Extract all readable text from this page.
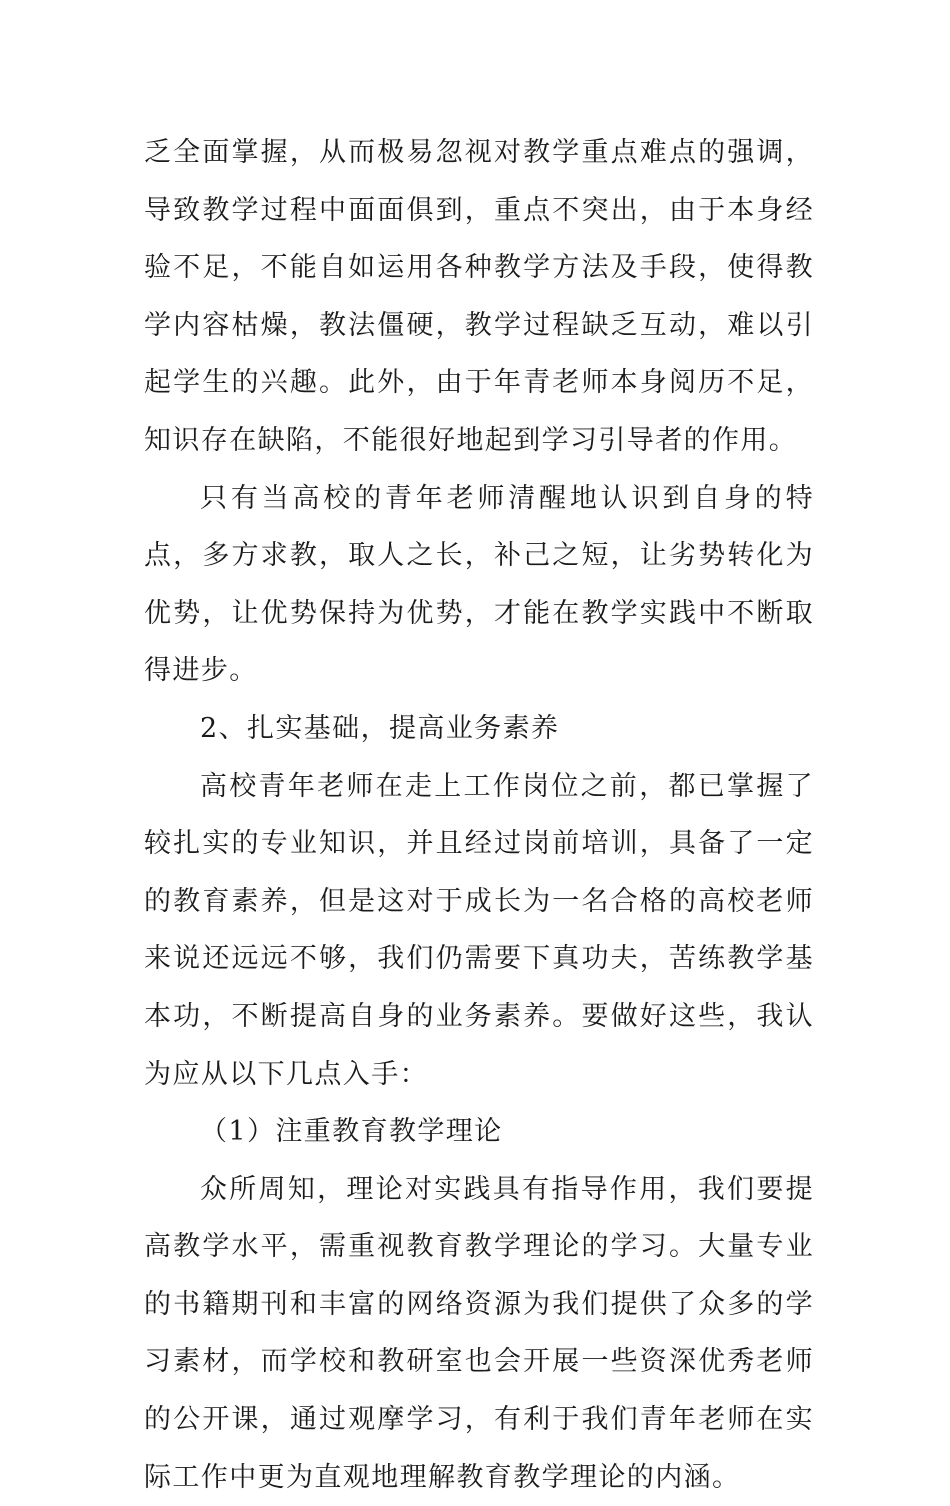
乏全面掌握，从而极易忽视对教学重点难点的强调，导致教学过程中面面俱到，重点不突出，由于本身经验不足，不能自如运用各种教学方法及手段，使得教学内容枯燥，教法僵硬，教学过程缺乏互动，难以引起学生的兴趣。此外，由于年青老师本身阅历不足，知识存在缺陷，不能很好地起到学习引导者的作用。

只有当高校的青年老师清醒地认识到自身的特点，多方求教，取人之长，补己之短，让劣势转化为优势，让优势保持为优势，才能在教学实践中不断取得进步。

2、扎实基础，提高业务素养

高校青年老师在走上工作岗位之前，都已掌握了较扎实的专业知识，并且经过岗前培训，具备了一定的教育素养，但是这对于成长为一名合格的高校老师来说还远远不够，我们仍需要下真功夫，苦练教学基本功，不断提高自身的业务素养。要做好这些，我认为应从以下几点入手：

（1）注重教育教学理论

众所周知，理论对实践具有指导作用，我们要提高教学水平，需重视教育教学理论的学习。大量专业的书籍期刊和丰富的网络资源为我们提供了众多的学习素材，而学校和教研室也会开展一些资深优秀老师的公开课，通过观摩学习，有利于我们青年老师在实际工作中更为直观地理解教育教学理论的内涵。
